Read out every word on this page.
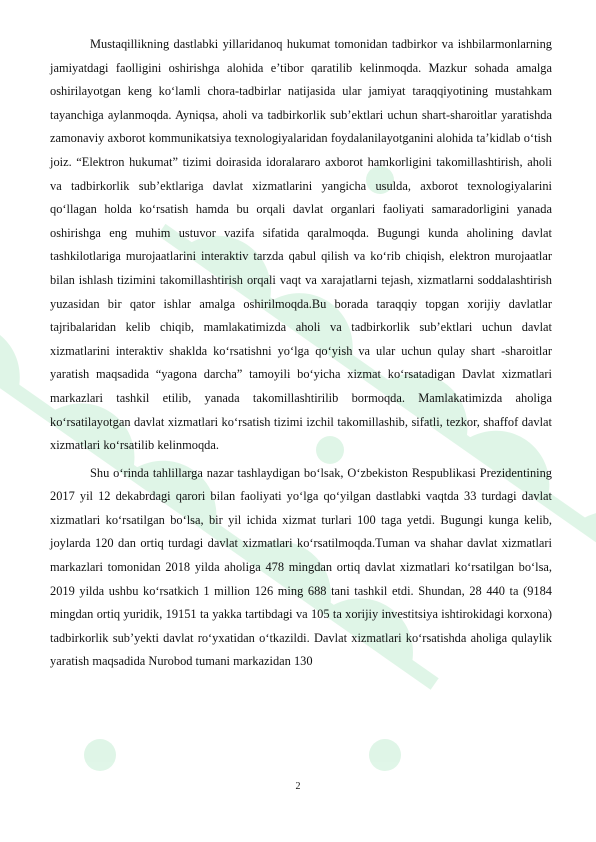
Mustaqillikning dastlabki yillaridanoq hukumat tomonidan tadbirkor va ishbilarmonlarning jamiyatdagi faolligini oshirishga alohida e’tibor qaratilib kelinmoqda. Mazkur sohada amalga oshirilayotgan keng ko‘lamli chora-tadbirlar natijasida ular jamiyat taraqqiyotining mustahkam tayanchiga aylanmoqda. Ayniqsa, aholi va tadbirkorlik sub’ektlari uchun shart-sharoitlar yaratishda zamonaviy axborot kommunikatsiya texnologiyalaridan foydalanilayotganini alohida ta’kidlab o‘tish joiz. “Elektron hukumat” tizimi doirasida idoralararo axborot hamkorligini takomillashtirish, aholi va tadbirkorlik sub’ektlariga davlat xizmatlarini yangicha usulda, axborot texnologiyalarini qo‘llagan holda ko‘rsatish hamda bu orqali davlat organlari faoliyati samaradorligini yanada oshirishga eng muhim ustuvor vazifa sifatida qaralmoqda. Bugungi kunda aholining davlat tashkilotlariga murojaatlarini interaktiv tarzda qabul qilish va ko‘rib chiqish, elektron murojaatlar bilan ishlash tizimini takomillashtirish orqali vaqt va xarajatlarni tejash, xizmatlarni soddalashtirish yuzasidan bir qator ishlar amalga oshirilmoqda.Bu borada taraqqiy topgan xorijiy davlatlar tajribalaridan kelib chiqib, mamlakatimizda aholi va tadbirkorlik sub’ektlari uchun davlat xizmatlarini interaktiv shaklda ko‘rsatishni yo‘lga qo‘yish va ular uchun qulay shart -sharoitlar yaratish maqsadida “yagona darcha” tamoyili bo‘yicha xizmat ko‘rsatadigan Davlat xizmatlari markazlari tashkil etilib, yanada takomillashtirilib bormoqda. Mamlakatimizda aholiga ko‘rsatilayotgan davlat xizmatlari ko‘rsatish tizimi izchil takomillashib, sifatli, tezkor, shaffof davlat xizmatlari ko‘rsatilib kelinmoqda.

Shu o‘rinda tahlillarga nazar tashlaydigan bo‘lsak, O‘zbekiston Respublikasi Prezidentining 2017 yil 12 dekabrdagi qarori bilan faoliyati yo‘lga qo‘yilgan dastlabki vaqtda 33 turdagi davlat xizmatlari ko‘rsatilgan bo‘lsa, bir yil ichida xizmat turlari 100 taga yetdi. Bugungi kunga kelib, joylarda 120 dan ortiq turdagi davlat xizmatlari ko‘rsatilmoqda.Tuman va shahar davlat xizmatlari markazlari tomonidan 2018 yilda aholiga 478 mingdan ortiq davlat xizmatlari ko‘rsatilgan bo‘lsa, 2019 yilda ushbu ko‘rsatkich 1 million 126 ming 688 tani tashkil etdi. Shundan, 28 440 ta (9184 mingdan ortiq yuridik, 19151 ta yakka tartibdagi va 105 ta xorijiy investitsiya ishtirokidagi korxona) tadbirkorlik sub’yekti davlat ro‘yxatidan o‘tkazildi. Davlat xizmatlari ko‘rsatishda aholiga qulaylik yaratish maqsadida Nurobod tumani markazidan 130

2
